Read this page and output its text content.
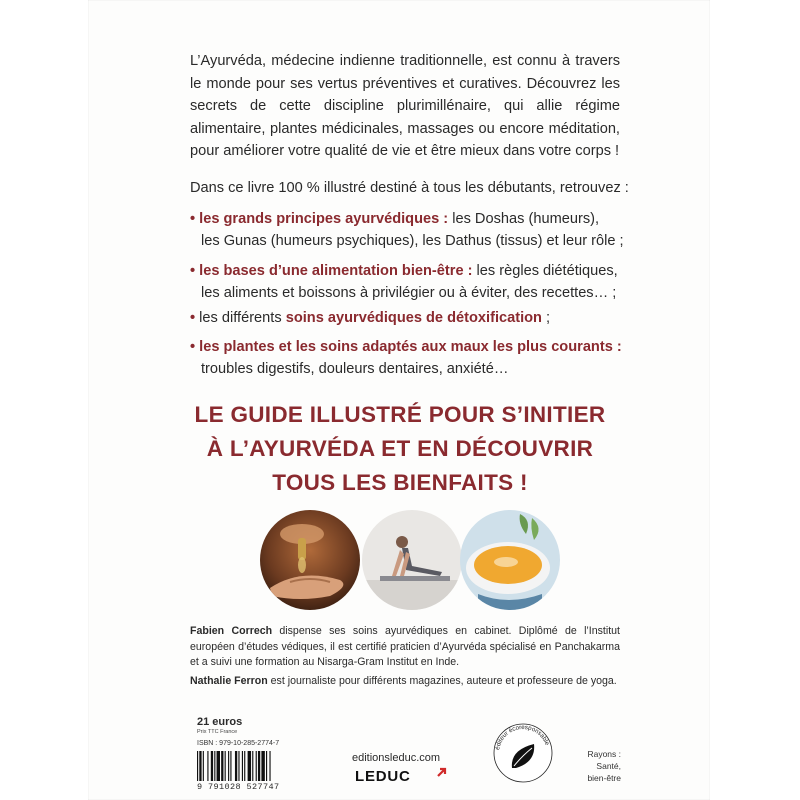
L’Ayurvéda, médecine indienne traditionnelle, est connu à travers le monde pour ses vertus préventives et curatives. Découvrez les secrets de cette discipline plurimillénaire, qui allie régime alimentaire, plantes médicinales, massages ou encore méditation, pour améliorer votre qualité de vie et être mieux dans votre corps !
Dans ce livre 100 % illustré destiné à tous les débutants, retrouvez :
• les grands principes ayurvédiques : les Doshas (humeurs),
les Gunas (humeurs psychiques), les Dathus (tissus) et leur rôle ;
• les bases d’une alimentation bien-être : les règles diététiques,
les aliments et boissons à privilégier ou à éviter, des recettes… ;
• les différents soins ayurvédiques de détoxification ;
• les plantes et les soins adaptés aux maux les plus courants :
troubles digestifs, douleurs dentaires, anxiété…
LE GUIDE ILLUSTRÉ POUR S’INITIER
À L’AYURVÉDA ET EN DÉCOUVRIR
TOUS LES BIENFAITS !
Fabien Correch dispense ses soins ayurvédiques en cabinet. Diplômé de l’Institut européen d’études védiques, il est certifié praticien d’Ayurvéda spécialisé en Panchakarma et a suivi une formation au Nisarga-Gram Institut en Inde.
Nathalie Ferron est journaliste pour différents magazines, auteure et professeure de yoga.
21 euros
Prix TTC France
ISBN : 979-10-285-2774-7
9 791028 527747
editionsleduc.com
LEDUC
éditeur écoresponsable
Rayons :
Santé,
bien-être
